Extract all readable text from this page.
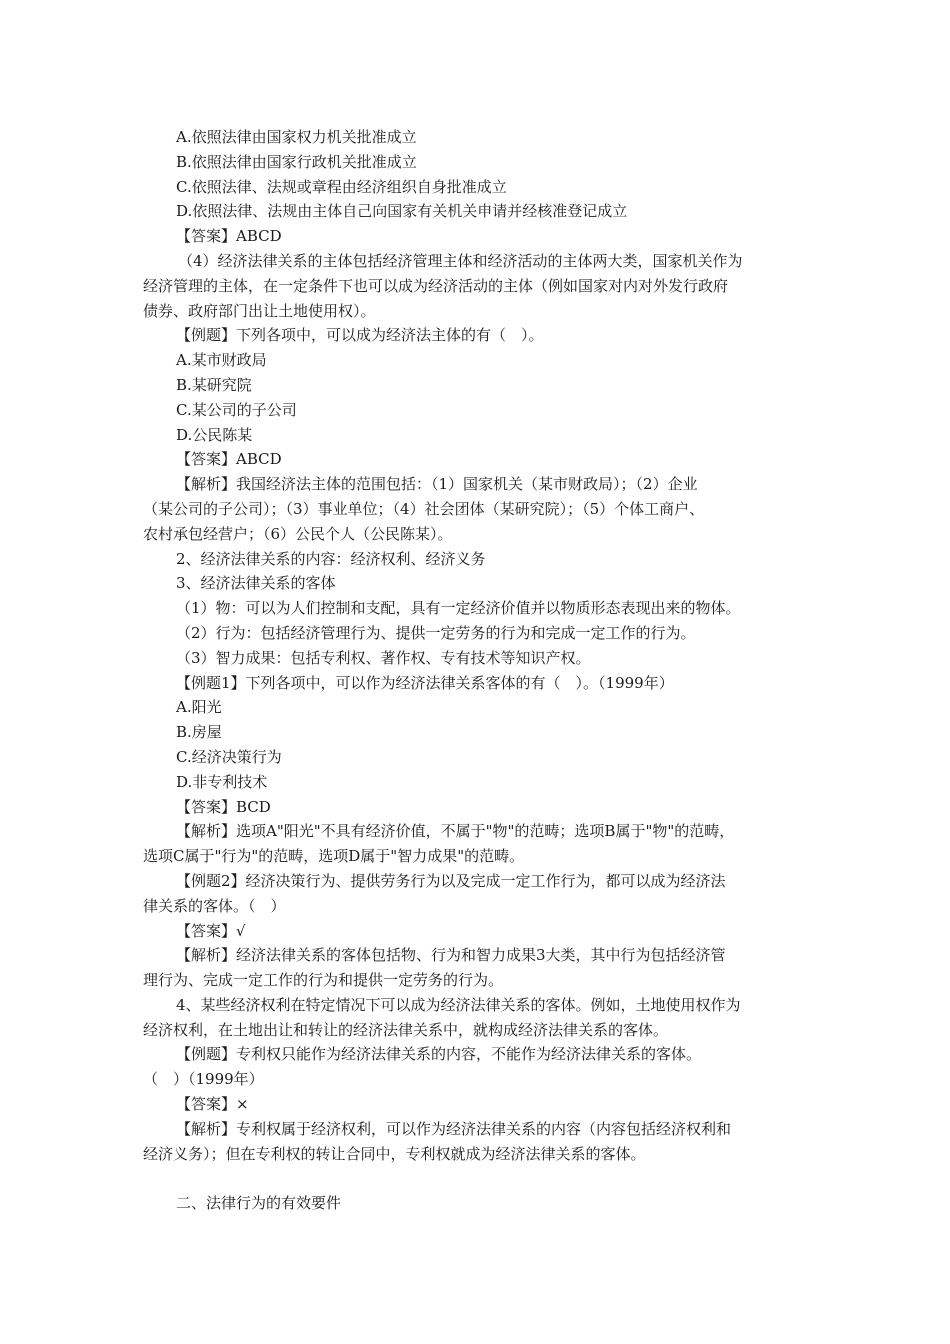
A.依照法律由国家权力机关批准成立
B.依照法律由国家行政机关批准成立
C.依照法律、法规或章程由经济组织自身批准成立
D.依照法律、法规由主体自己向国家有关机关申请并经核准登记成立
【答案】ABCD
（4）经济法律关系的主体包括经济管理主体和经济活动的主体两大类，国家机关作为
经济管理的主体，在一定条件下也可以成为经济活动的主体（例如国家对内对外发行政府
债券、政府部门出让土地使用权）。
【例题】下列各项中，可以成为经济法主体的有（　）。
A.某市财政局
B.某研究院
C.某公司的子公司
D.公民陈某
【答案】ABCD
【解析】我国经济法主体的范围包括：（1）国家机关（某市财政局）；（2）企业
（某公司的子公司）；（3）事业单位；（4）社会团体（某研究院）；（5）个体工商户、
农村承包经营户；（6）公民个人（公民陈某）。
2、经济法律关系的内容：经济权利、经济义务
3、经济法律关系的客体
（1）物：可以为人们控制和支配，具有一定经济价值并以物质形态表现出来的物体。
（2）行为：包括经济管理行为、提供一定劳务的行为和完成一定工作的行为。
（3）智力成果：包括专利权、著作权、专有技术等知识产权。
【例题1】下列各项中，可以作为经济法律关系客体的有（　）。（1999年）
A.阳光
B.房屋
C.经济决策行为
D.非专利技术
【答案】BCD
【解析】选项A"阳光"不具有经济价值，不属于"物"的范畴；选项B属于"物"的范畴，
选项C属于"行为"的范畴，选项D属于"智力成果"的范畴。
【例题2】经济决策行为、提供劳务行为以及完成一定工作行为，都可以成为经济法
律关系的客体。（　）
【答案】√
【解析】经济法律关系的客体包括物、行为和智力成果3大类，其中行为包括经济管
理行为、完成一定工作的行为和提供一定劳务的行为。
4、某些经济权利在特定情况下可以成为经济法律关系的客体。例如，土地使用权作为
经济权利，在土地出让和转让的经济法律关系中，就构成经济法律关系的客体。
【例题】专利权只能作为经济法律关系的内容，不能作为经济法律关系的客体。
（　）（1999年）
【答案】×
【解析】专利权属于经济权利，可以作为经济法律关系的内容（内容包括经济权利和
经济义务）；但在专利权的转让合同中，专利权就成为经济法律关系的客体。
二、法律行为的有效要件
